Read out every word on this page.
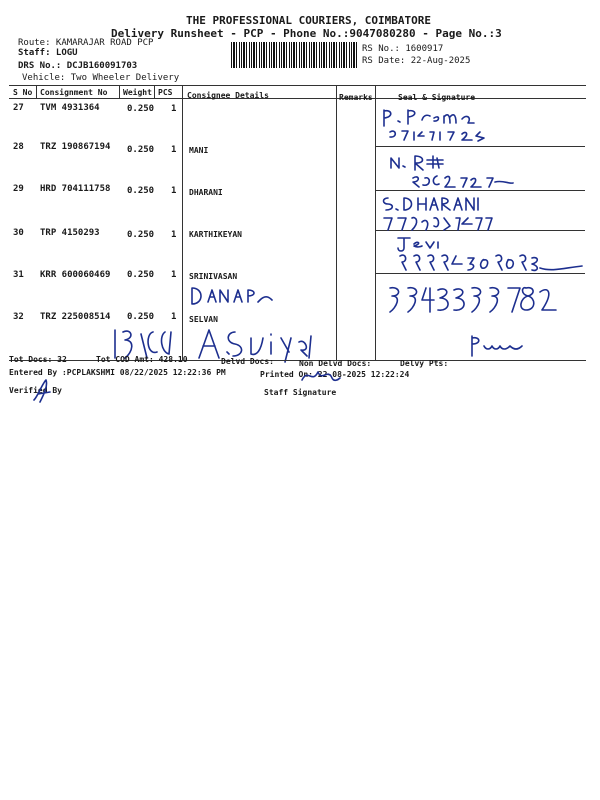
THE PROFESSIONAL COURIERS, COIMBATORE
Delivery Runsheet - PCP - Phone No.:9047080280 - Page No.:3
Route: KAMARAJAR ROAD PCP
Staff: LOGU
DRS No.: DCJB160091703
Vehicle: Two Wheeler Delivery
RS No.: 1600917
RS Date: 22-Aug-2025
S No Consignment No Weight PCS Consignee Details	Remarks	Seal & Signature
27 TVM 4931364	0.250 1
28 TRZ 190867194 0.250 1 MANI
29 HRD 704111758 0.250 1 DHARANI
30 TRP 4150293	0.250 1 KARTHIKEYAN
31 KRR 600060469 0.250 1 SRINIVASAN
32 TRZ 225008514 0.250 1 SELVAN
Tot Docs: 32	Tot COD Amt: 428.10	Delvd Docs:	Non Delvd Docs:	Delvy Pts:
Entered By :PCPLAKSHMI 08/22/2025 12:22:36 PM	Printed On: 22-08-2025 12:22:24
Verified By	Staff Signature
